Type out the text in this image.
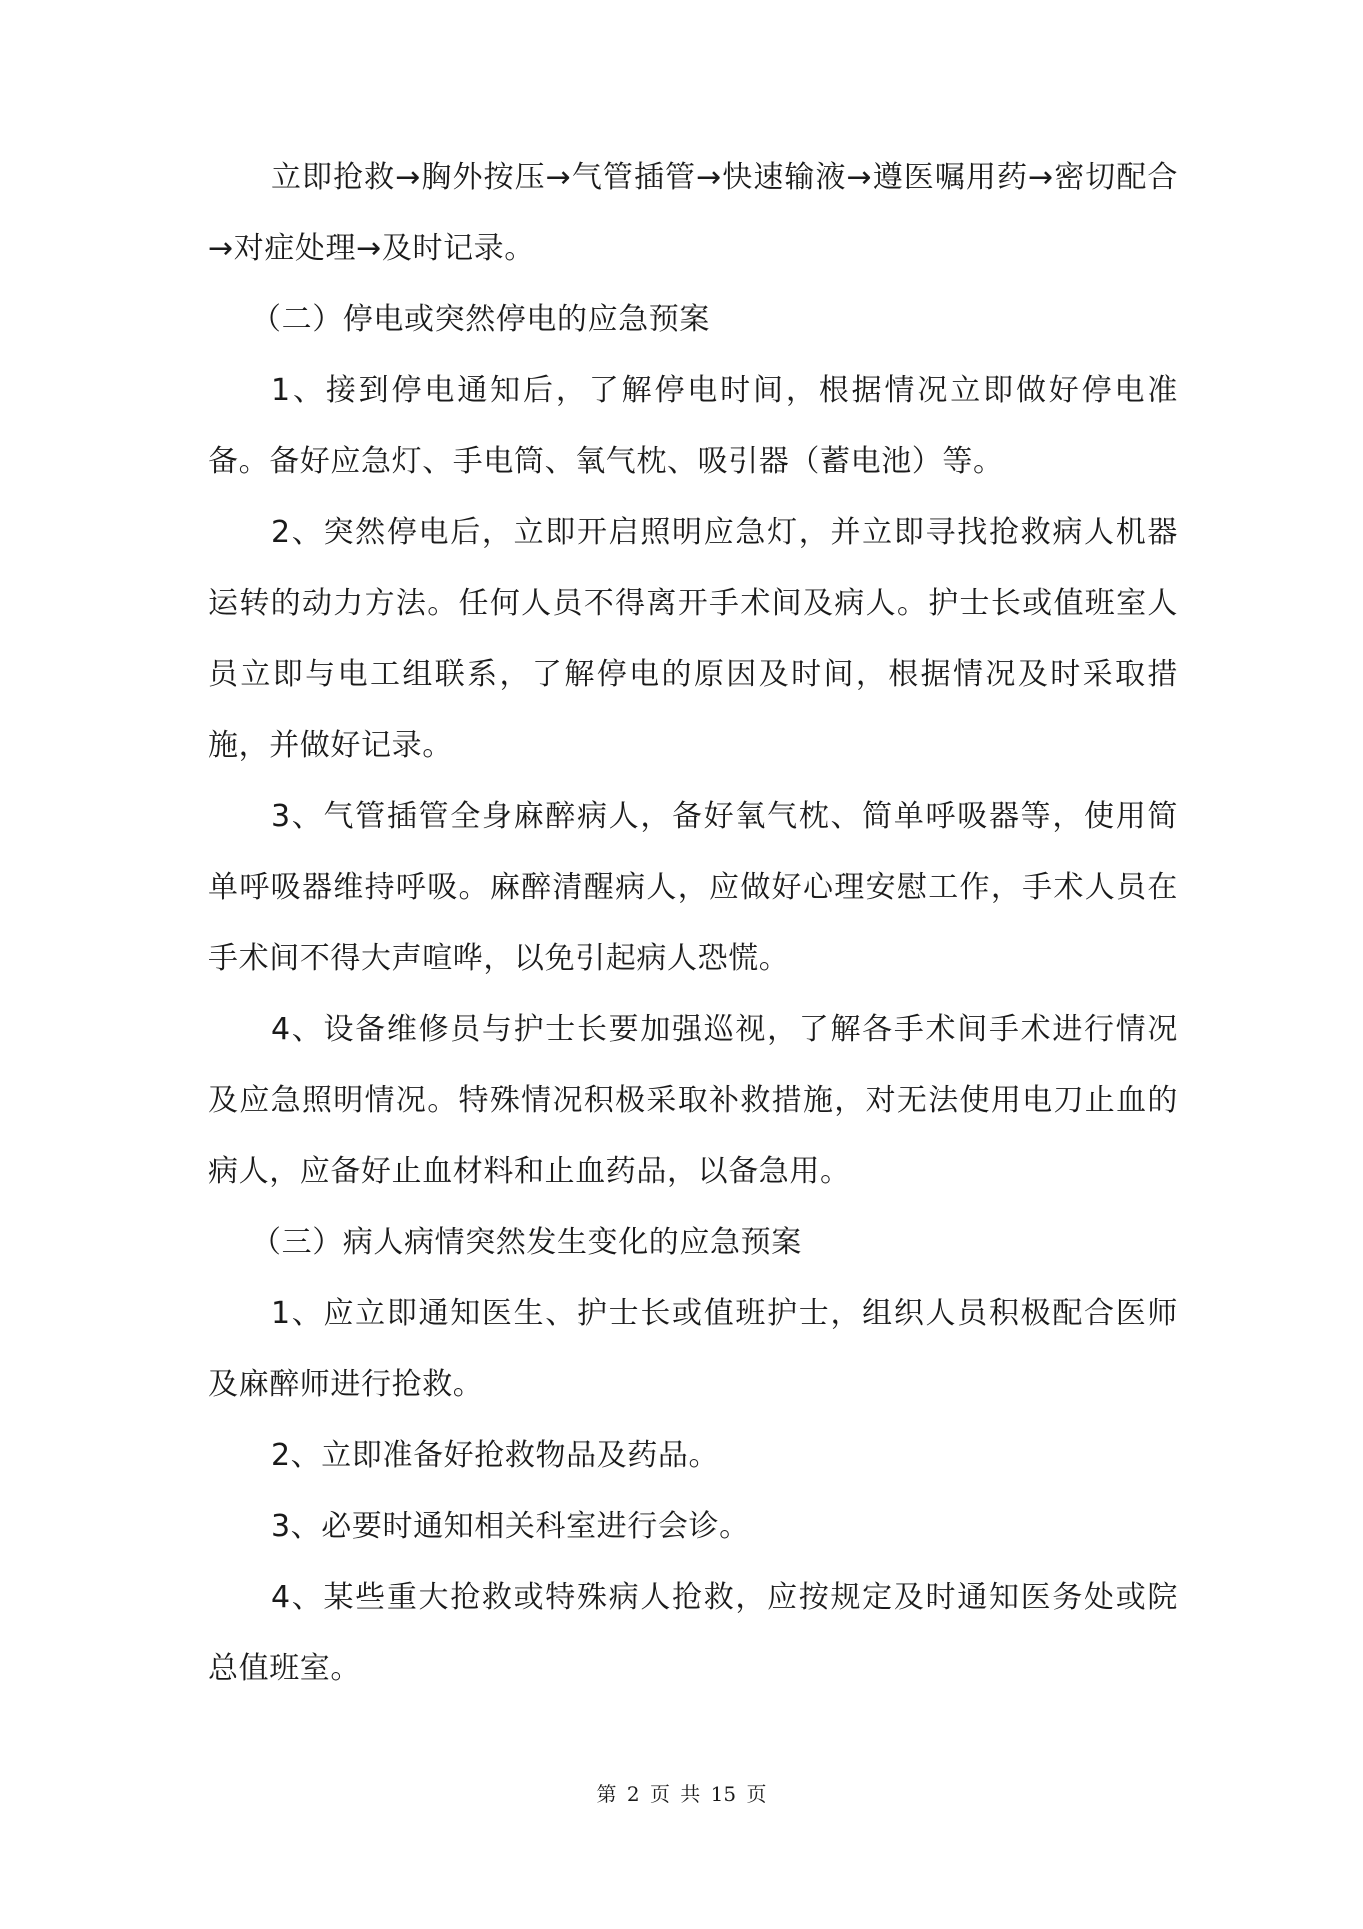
立即抢救→胸外按压→气管插管→快速输液→遵医嘱用药→密切配合→对症处理→及时记录。

（二）停电或突然停电的应急预案

1、接到停电通知后，了解停电时间，根据情况立即做好停电准备。备好应急灯、手电筒、氧气枕、吸引器（蓄电池）等。

2、突然停电后，立即开启照明应急灯，并立即寻找抢救病人机器运转的动力方法。任何人员不得离开手术间及病人。护士长或值班室人员立即与电工组联系，了解停电的原因及时间，根据情况及时采取措施，并做好记录。

3、气管插管全身麻醉病人，备好氧气枕、简单呼吸器等，使用简单呼吸器维持呼吸。麻醉清醒病人，应做好心理安慰工作，手术人员在手术间不得大声喧哗，以免引起病人恐慌。

4、设备维修员与护士长要加强巡视，了解各手术间手术进行情况及应急照明情况。特殊情况积极采取补救措施，对无法使用电刀止血的病人，应备好止血材料和止血药品，以备急用。

（三）病人病情突然发生变化的应急预案

1、应立即通知医生、护士长或值班护士，组织人员积极配合医师及麻醉师进行抢救。

2、立即准备好抢救物品及药品。

3、必要时通知相关科室进行会诊。

4、某些重大抢救或特殊病人抢救，应按规定及时通知医务处或院总值班室。

第 2 页 共 15 页
